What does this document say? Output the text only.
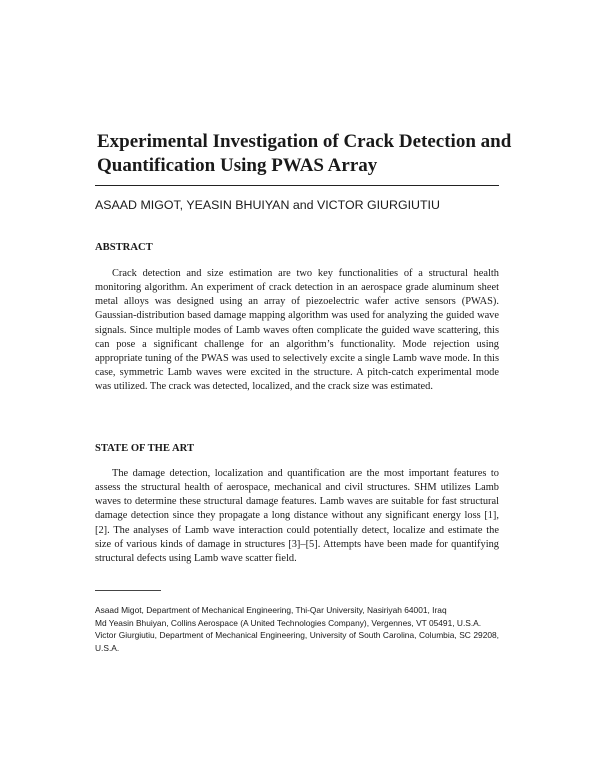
Experimental Investigation of Crack Detection and Quantification Using PWAS Array
ASAAD MIGOT, YEASIN BHUIYAN and VICTOR GIURGIUTIU
ABSTRACT

Crack detection and size estimation are two key functionalities of a structural health monitoring algorithm. An experiment of crack detection in an aerospace grade aluminum sheet metal alloys was designed using an array of piezoelectric wafer active sensors (PWAS). Gaussian-distribution based damage mapping algorithm was used for analyzing the guided wave signals. Since multiple modes of Lamb waves often complicate the guided wave scattering, this can pose a significant challenge for an algorithm’s functionality. Mode rejection using appropriate tuning of the PWAS was used to selectively excite a single Lamb wave mode. In this case, symmetric Lamb waves were excited in the structure. A pitch-catch experimental mode was utilized. The crack was detected, localized, and the crack size was estimated.

STATE OF THE ART

The damage detection, localization and quantification are the most important features to assess the structural health of aerospace, mechanical and civil structures. SHM utilizes Lamb waves to determine these structural damage features. Lamb waves are suitable for fast structural damage detection since they propagate a long distance without any significant energy loss [1], [2]. The analyses of Lamb wave interaction could potentially detect, localize and estimate the size of various kinds of damage in structures [3]–[5]. Attempts have been made for quantifying structural defects using Lamb wave scatter field.

Asaad Migot, Department of Mechanical Engineering, Thi-Qar University, Nasiriyah 64001, Iraq

Md Yeasin Bhuiyan, Collins Aerospace (A United Technologies Company), Vergennes, VT 05491, U.S.A.

Victor Giurgiutiu, Department of Mechanical Engineering, University of South Carolina, Columbia, SC 29208, U.S.A.
